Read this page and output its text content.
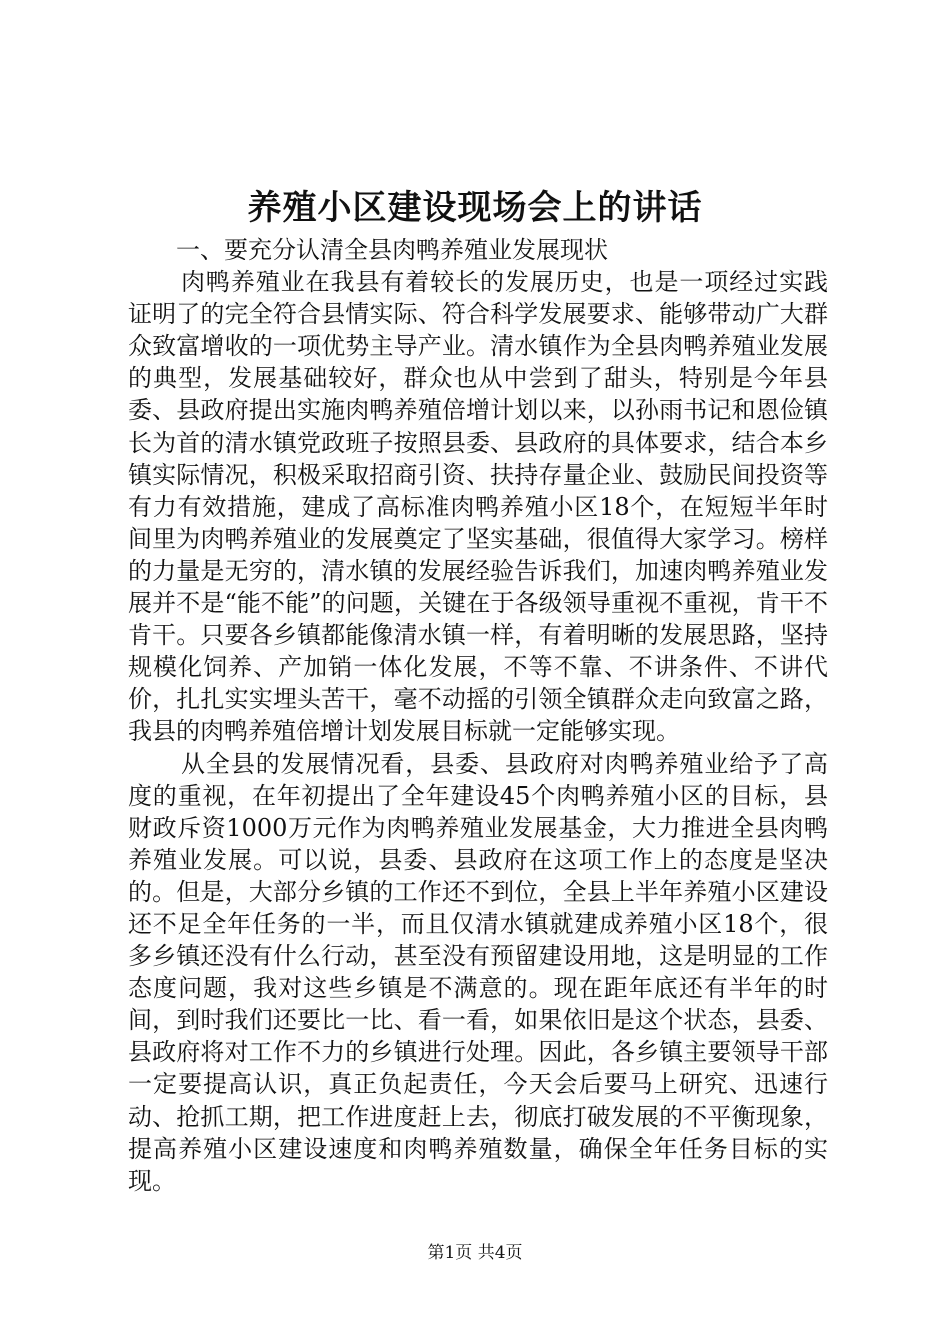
养殖小区建设现场会上的讲话

一、要充分认清全县肉鸭养殖业发展现状

肉鸭养殖业在我县有着较长的发展历史，也是一项经过实践证明了的完全符合县情实际、符合科学发展要求、能够带动广大群众致富增收的一项优势主导产业。清水镇作为全县肉鸭养殖业发展的典型，发展基础较好，群众也从中尝到了甜头，特别是今年县委、县政府提出实施肉鸭养殖倍增计划以来，以孙雨书记和恩俭镇长为首的清水镇党政班子按照县委、县政府的具体要求，结合本乡镇实际情况，积极采取招商引资、扶持存量企业、鼓励民间投资等有力有效措施，建成了高标准肉鸭养殖小区18个，在短短半年时间里为肉鸭养殖业的发展奠定了坚实基础，很值得大家学习。榜样的力量是无穷的，清水镇的发展经验告诉我们，加速肉鸭养殖业发展并不是“能不能”的问题，关键在于各级领导重视不重视，肯干不肯干。只要各乡镇都能像清水镇一样，有着明晰的发展思路，坚持规模化饲养、产加销一体化发展，不等不靠、不讲条件、不讲代价，扎扎实实埋头苦干，毫不动摇的引领全镇群众走向致富之路，我县的肉鸭养殖倍增计划发展目标就一定能够实现。

从全县的发展情况看，县委、县政府对肉鸭养殖业给予了高度的重视，在年初提出了全年建设45个肉鸭养殖小区的目标，县财政斥资1000万元作为肉鸭养殖业发展基金，大力推进全县肉鸭养殖业发展。可以说，县委、县政府在这项工作上的态度是坚决的。但是，大部分乡镇的工作还不到位，全县上半年养殖小区建设还不足全年任务的一半，而且仅清水镇就建成养殖小区18个，很多乡镇还没有什么行动，甚至没有预留建设用地，这是明显的工作态度问题，我对这些乡镇是不满意的。现在距年底还有半年的时间，到时我们还要比一比、看一看，如果依旧是这个状态，县委、县政府将对工作不力的乡镇进行处理。因此，各乡镇主要领导干部一定要提高认识，真正负起责任，今天会后要马上研究、迅速行动、抢抓工期，把工作进度赶上去，彻底打破发展的不平衡现象，提高养殖小区建设速度和肉鸭养殖数量，确保全年任务目标的实现。

第1页 共4页
